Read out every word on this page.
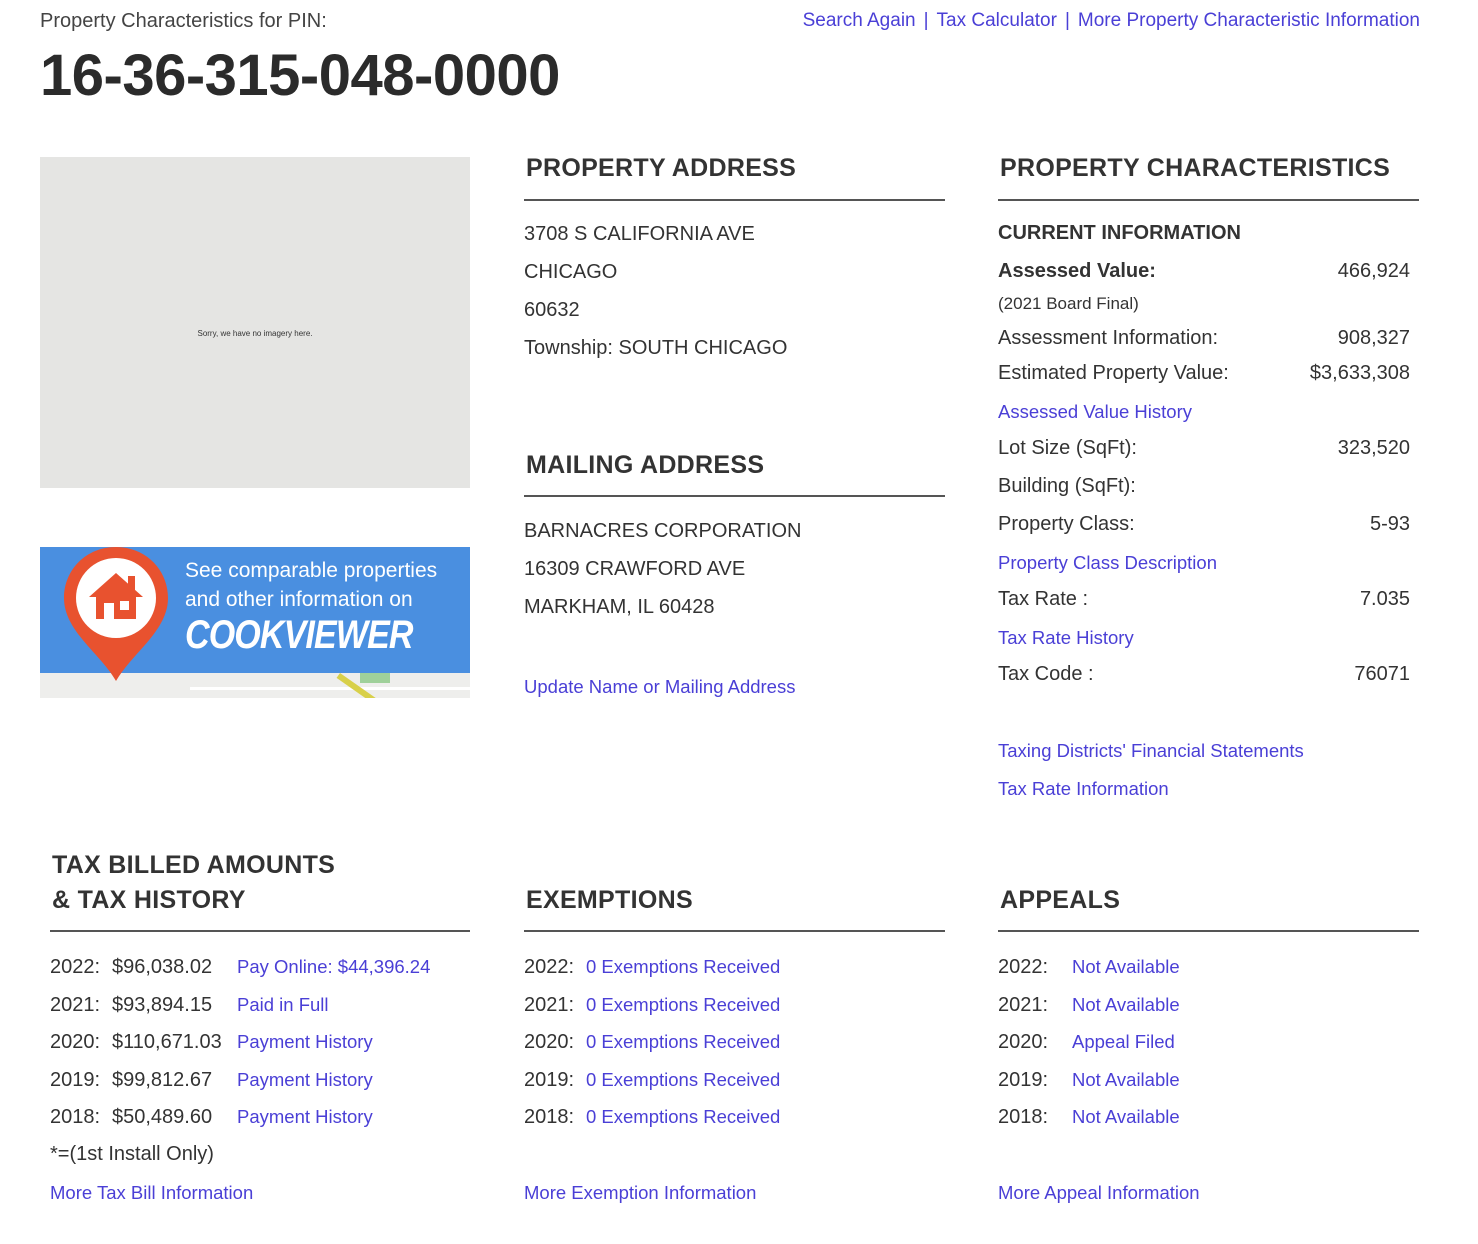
Property Characteristics for PIN:
16-36-315-048-0000
Search Again | Tax Calculator | More Property Characteristic Information
Sorry, we have no imagery here.
See comparable properties
and other information on
COOKVIEWER
PROPERTY ADDRESS
3708 S CALIFORNIA AVE
CHICAGO
60632
Township: SOUTH CHICAGO
MAILING ADDRESS
BARNACRES CORPORATION
16309 CRAWFORD AVE
MARKHAM, IL 60428
Update Name or Mailing Address
PROPERTY CHARACTERISTICS
CURRENT INFORMATION
Assessed Value:	466,924
(2021 Board Final)
Assessment Information:	908,327
Estimated Property Value:	$3,633,308
Assessed Value History
Lot Size (SqFt):	323,520
Building (SqFt):
Property Class:	5-93
Property Class Description
Tax Rate :	7.035
Tax Rate History
Tax Code :	76071
Taxing Districts' Financial Statements
Tax Rate Information
TAX BILLED AMOUNTS
& TAX HISTORY
2022: $96,038.02 Pay Online: $44,396.24
2021: $93,894.15 Paid in Full
2020: $110,671.03 Payment History
2019: $99,812.67 Payment History
2018: $50,489.60 Payment History
*=(1st Install Only)
More Tax Bill Information
EXEMPTIONS
2022: 0 Exemptions Received
2021: 0 Exemptions Received
2020: 0 Exemptions Received
2019: 0 Exemptions Received
2018: 0 Exemptions Received
More Exemption Information
APPEALS
2022: Not Available
2021: Not Available
2020: Appeal Filed
2019: Not Available
2018: Not Available
More Appeal Information
